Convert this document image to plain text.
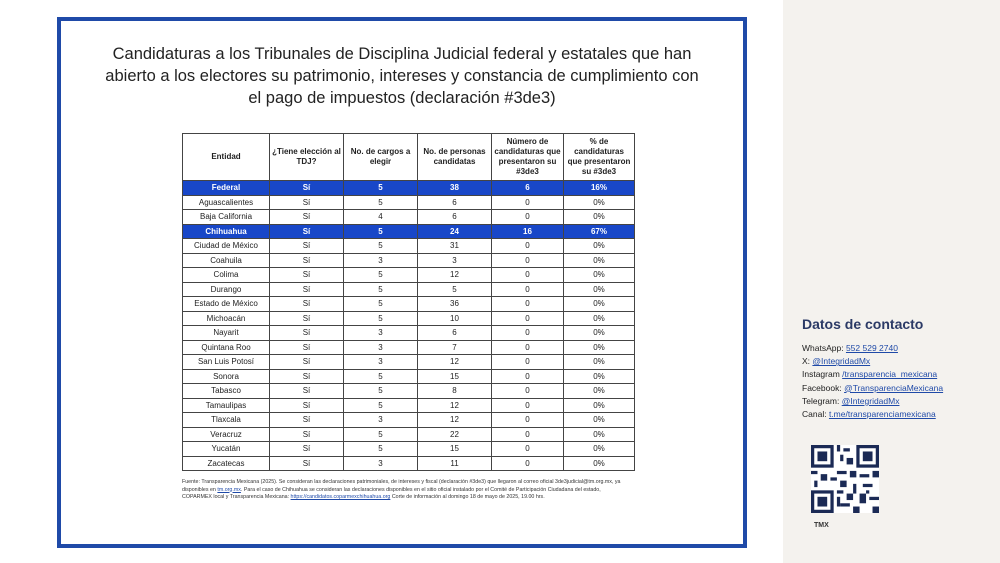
Candidaturas a los Tribunales de Disciplina Judicial federal y estatales que han abierto a los electores su patrimonio, intereses y constancia de cumplimiento con el pago de impuestos (declaración #3de3)
Entidad	¿Tiene elección al TDJ?	No. de cargos a elegir	No. de personas candidatas	Número de candidaturas que presentaron su #3de3	% de candidaturas que presentaron su #3de3
Federal	Sí	5	38	6	16%
Aguascalientes	Sí	5	6	0	0%
Baja California	Sí	4	6	0	0%
Chihuahua	Sí	5	24	16	67%
Ciudad de México	Sí	5	31	0	0%
Coahuila	Sí	3	3	0	0%
Colima	Sí	5	12	0	0%
Durango	Sí	5	5	0	0%
Estado de México	Sí	5	36	0	0%
Michoacán	Sí	5	10	0	0%
Nayarit	Sí	3	6	0	0%
Quintana Roo	Sí	3	7	0	0%
San Luis Potosí	Sí	3	12	0	0%
Sonora	Sí	5	15	0	0%
Tabasco	Sí	5	8	0	0%
Tamaulipas	Sí	5	12	0	0%
Tlaxcala	Sí	3	12	0	0%
Veracruz	Sí	5	22	0	0%
Yucatán	Sí	5	15	0	0%
Zacatecas	Sí	3	11	0	0%
Fuente: Transparencia Mexicana (2025). Se consideran las declaraciones patrimoniales, de intereses y fiscal (declaración #3de3) que llegaron al correo oficial 3de3judicial@tm.org.mx, ya disponibles en tm.org.mx. Para el caso de Chihuahua se consideran las declaraciones disponibles en el sitio oficial instalado por el Comité de Participación Ciudadana del estado, COPARMEX local y Transparencia Mexicana: https://candidatos.coparmexchihuahua.org Corte de información al domingo 18 de mayo de 2025, 19.00 hrs.
Datos de contacto
WhatsApp: 552 529 2740
X: @IntegridadMx
Instagram /transparencia_mexicana
Facebook: @TransparenciaMexicana
Telegram: @IntegridadMx
Canal: t.me/transparenciamexicana
TMX
